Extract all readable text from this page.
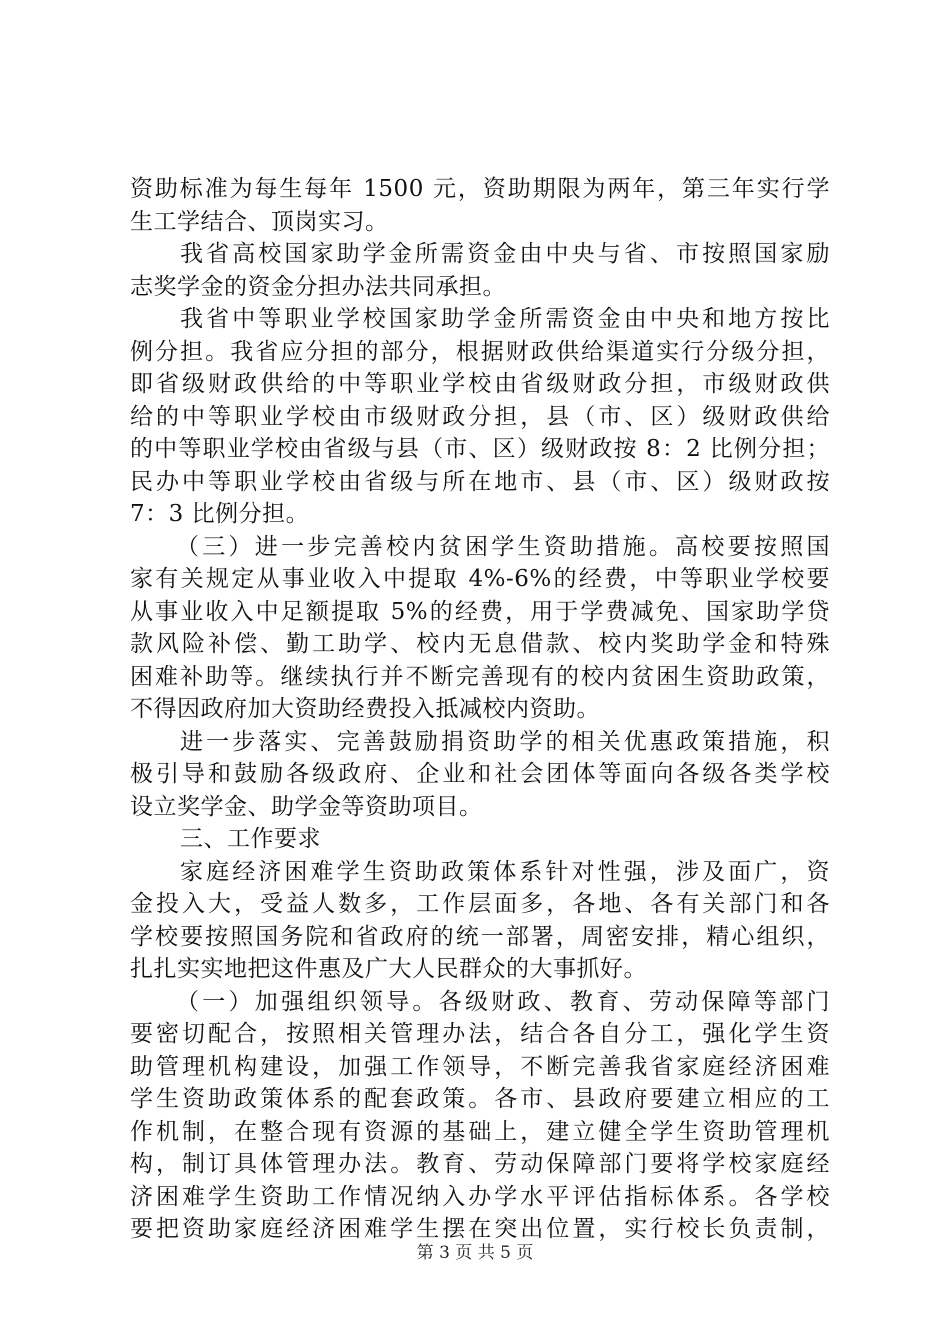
资助标准为每生每年 1500 元，资助期限为两年，第三年实行学
生工学结合、顶岗实习。
我省高校国家助学金所需资金由中央与省、市按照国家励
志奖学金的资金分担办法共同承担。
我省中等职业学校国家助学金所需资金由中央和地方按比
例分担。我省应分担的部分，根据财政供给渠道实行分级分担，
即省级财政供给的中等职业学校由省级财政分担，市级财政供
给的中等职业学校由市级财政分担，县（市、区）级财政供给
的中等职业学校由省级与县（市、区）级财政按 8：2 比例分担；
民办中等职业学校由省级与所在地市、县（市、区）级财政按
7：3 比例分担。
（三）进一步完善校内贫困学生资助措施。高校要按照国
家有关规定从事业收入中提取 4%-6%的经费，中等职业学校要
从事业收入中足额提取 5%的经费，用于学费减免、国家助学贷
款风险补偿、勤工助学、校内无息借款、校内奖助学金和特殊
困难补助等。继续执行并不断完善现有的校内贫困生资助政策，
不得因政府加大资助经费投入抵减校内资助。
进一步落实、完善鼓励捐资助学的相关优惠政策措施，积
极引导和鼓励各级政府、企业和社会团体等面向各级各类学校
设立奖学金、助学金等资助项目。
三、工作要求
家庭经济困难学生资助政策体系针对性强，涉及面广，资
金投入大，受益人数多，工作层面多，各地、各有关部门和各
学校要按照国务院和省政府的统一部署，周密安排，精心组织，
扎扎实实地把这件惠及广大人民群众的大事抓好。
（一）加强组织领导。各级财政、教育、劳动保障等部门
要密切配合，按照相关管理办法，结合各自分工，强化学生资
助管理机构建设，加强工作领导，不断完善我省家庭经济困难
学生资助政策体系的配套政策。各市、县政府要建立相应的工
作机制，在整合现有资源的基础上，建立健全学生资助管理机
构，制订具体管理办法。教育、劳动保障部门要将学校家庭经
济困难学生资助工作情况纳入办学水平评估指标体系。各学校
要把资助家庭经济困难学生摆在突出位置，实行校长负责制，
第 3 页 共 5 页
